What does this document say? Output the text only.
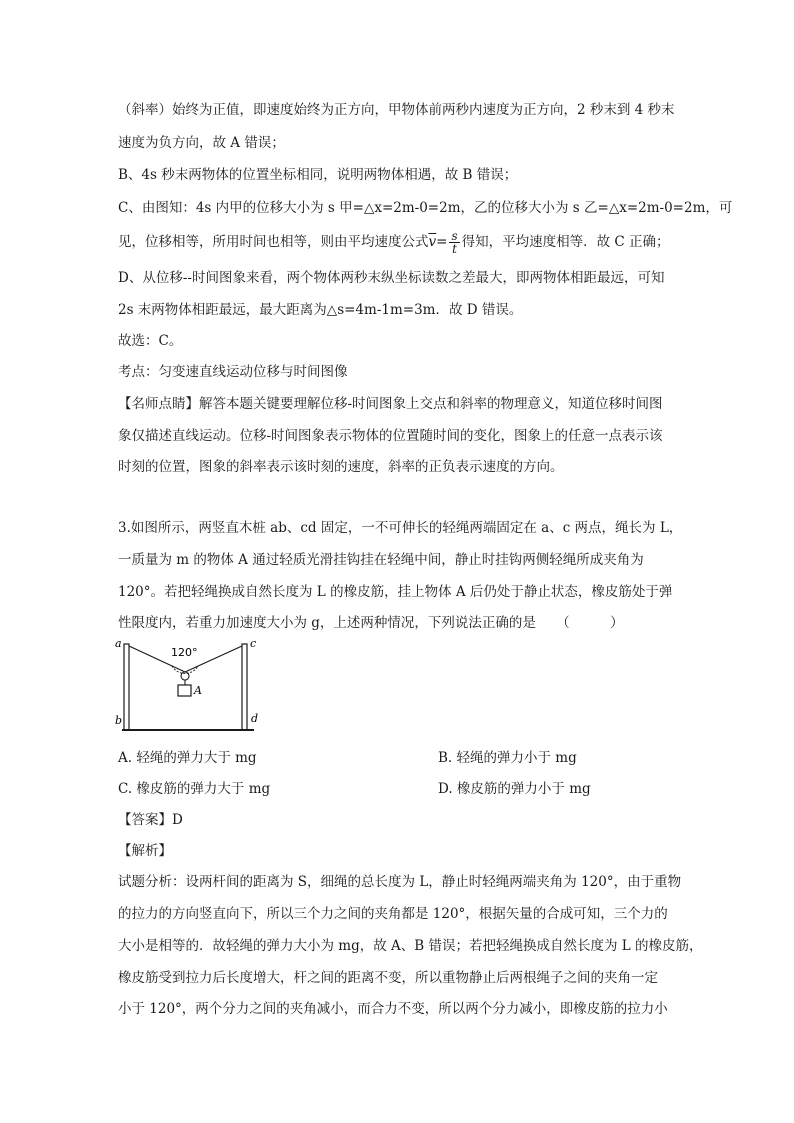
（斜率）始终为正值，即速度始终为正方向，甲物体前两秒内速度为正方向，2 秒末到 4 秒末
速度为负方向，故 A 错误；
B、4s 秒末两物体的位置坐标相同，说明两物体相遇，故 B 错误；
C、由图知：4s 内甲的位移大小为 s 甲=△x=2m-0=2m，乙的位移大小为 s 乙=△x=2m-0=2m，可
见，位移相等，所用时间也相等，则由平均速度公式$\overline{v}= \frac{s}{t}$ 得知，平均速度相等．故 C 正确；
D、从位移--时间图象来看，两个物体两秒末纵坐标读数之差最大，即两物体相距最远，可知
2s 末两物体相距最远，最大距离为△s=4m-1m=3m．故 D 错误。
故选：C。
考点：匀变速直线运动位移与时间图像
【名师点睛】解答本题关键要理解位移-时间图象上交点和斜率的物理意义，知道位移时间图
象仅描述直线运动。位移-时间图象表示物体的位置随时间的变化，图象上的任意一点表示该
时刻的位置，图象的斜率表示该时刻的速度，斜率的正负表示速度的方向。
3.如图所示，两竖直木桩 ab、cd 固定，一不可伸长的轻绳两端固定在 a、c 两点，绳长为 L，
一质量为 m 的物体 A 通过轻质光滑挂钩挂在轻绳中间，静止时挂钩两侧轻绳所成夹角为
120°。若把轻绳换成自然长度为 L 的橡皮筋，挂上物体 A 后仍处于静止状态，橡皮筋处于弹
性限度内，若重力加速度大小为 g，上述两种情况，下列说法正确的是　　（　　　）
a
b
c
d
120°
A
A. 轻绳的弹力大于 mg	B. 轻绳的弹力小于 mg
C. 橡皮筋的弹力大于 mg	D. 橡皮筋的弹力小于 mg
【答案】D
【解析】
试题分析：设两杆间的距离为 S，细绳的总长度为 L，静止时轻绳两端夹角为 120°，由于重物
的拉力的方向竖直向下，所以三个力之间的夹角都是 120°，根据矢量的合成可知，三个力的
大小是相等的．故轻绳的弹力大小为 mg，故 A、B 错误；若把轻绳换成自然长度为 L 的橡皮筋，
橡皮筋受到拉力后长度增大，杆之间的距离不变，所以重物静止后两根绳子之间的夹角一定
小于 120°，两个分力之间的夹角减小，而合力不变，所以两个分力减小，即橡皮筋的拉力小
